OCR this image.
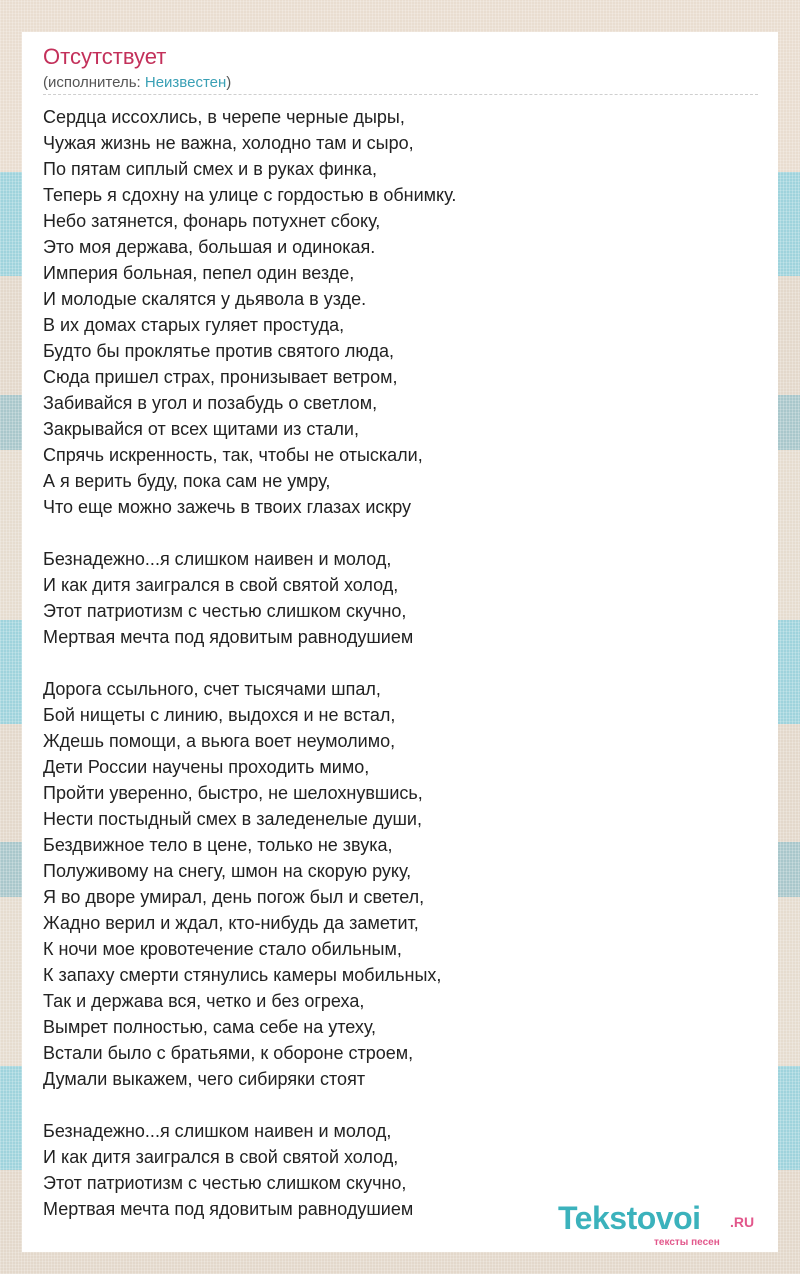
Отсутствует
(исполнитель: Неизвестен)
Сердца иссохлись, в черепе черные дыры,
Чужая жизнь не важна, холодно там и сыро,
По пятам сиплый смех и в руках финка,
Теперь я сдохну на улице с гордостью в обнимку.
Небо затянется, фонарь потухнет сбоку,
Это моя держава, большая и одинокая.
Империя больная, пепел один везде,
И молодые скалятся у дьявола в узде.
В их домах старых гуляет простуда,
Будто бы проклятье против святого люда,
Сюда пришел страх, пронизывает ветром,
Забивайся в угол и позабудь о светлом,
Закрывайся от всех щитами из стали,
Спрячь искренность, так, чтобы не отыскали,
А я верить буду, пока сам не умру,
Что еще можно зажечь в твоих глазах искру
Безнадежно...я слишком наивен и молод,
И как дитя заигрался в свой святой холод,
Этот патриотизм с честью слишком скучно,
Мертвая мечта под ядовитым равнодушием
Дорога ссыльного, счет тысячами шпал,
Бой нищеты с линию, выдохся и не встал,
Ждешь помощи, а вьюга воет неумолимо,
Дети России научены проходить мимо,
Пройти уверенно, быстро, не шелохнувшись,
Нести постыдный смех в заледенелые души,
Бездвижное тело в цене, только не звука,
Полуживому на снегу, шмон на скорую руку,
Я во дворе умирал, день погож был и светел,
Жадно верил и ждал, кто-нибудь да заметит,
К ночи мое кровотечение стало обильным,
К запаху смерти стянулись камеры мобильных,
Так и держава вся, четко и без огреха,
Вымрет полностью, сама себе на утеху,
Встали было с братьями, к обороне строем,
Думали выкажем, чего сибиряки стоят
Безнадежно...я слишком наивен и молод,
И как дитя заигрался в свой святой холод,
Этот патриотизм с честью слишком скучно,
Мертвая мечта под ядовитым равнодушием	Tekstovoi .RU
тексты песен
